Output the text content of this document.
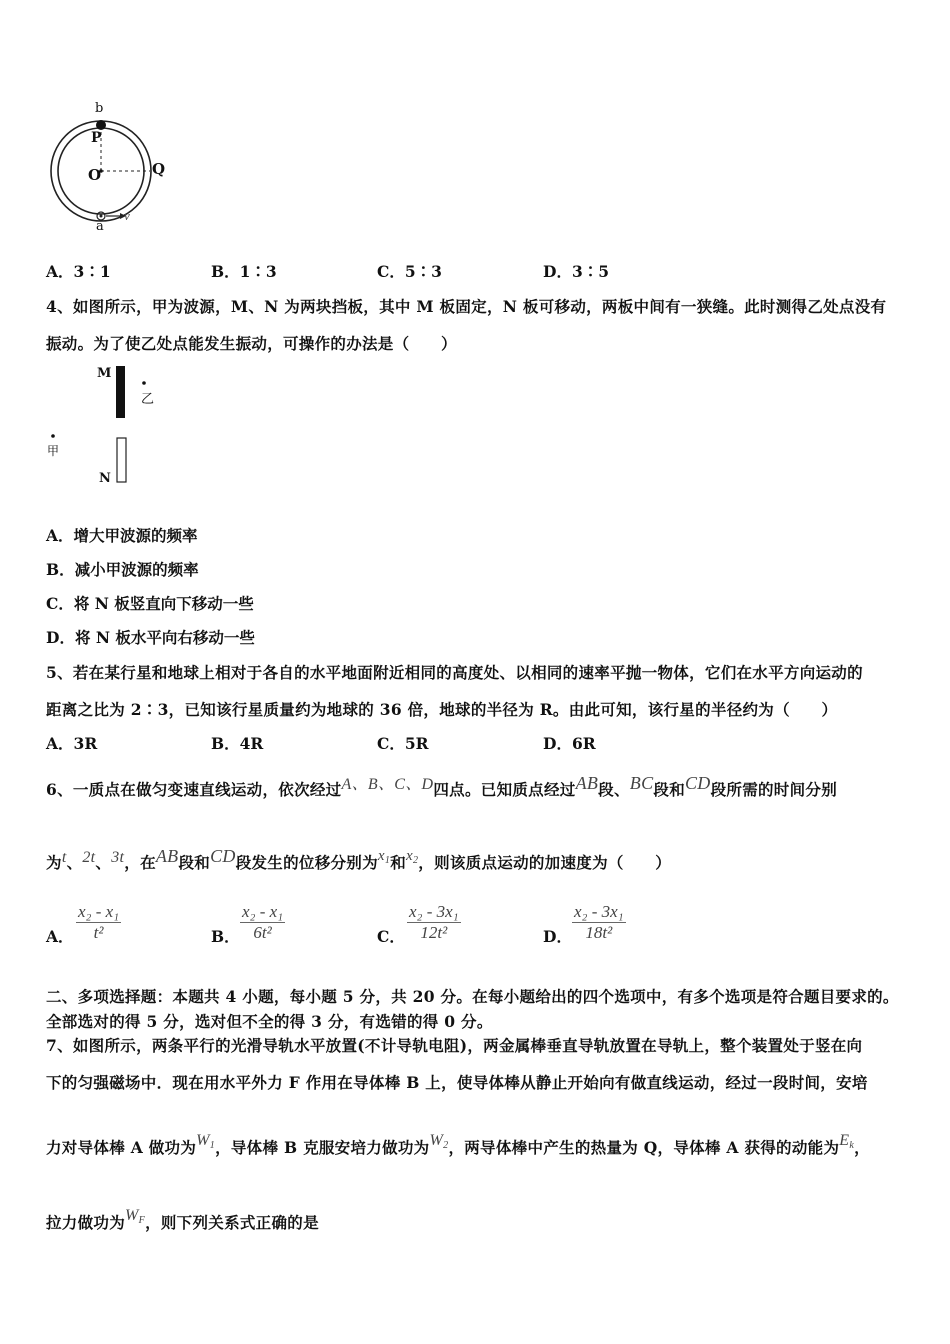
b
P
O	Q
a
v
A．3∶1	B．1∶3	C．5∶3	D．3∶5
4、如图所示，甲为波源，M、N 为两块挡板，其中 M 板固定，N 板可移动，两板中间有一狭缝。此时测得乙处点没有
振动。为了使乙处点能发生振动，可操作的办法是（　　）
M
乙
甲
N
A．增大甲波源的频率
B．减小甲波源的频率
C．将 N 板竖直向下移动一些
D．将 N 板水平向右移动一些
5、若在某行星和地球上相对于各自的水平地面附近相同的高度处、以相同的速率平抛一物体，它们在水平方向运动的
距离之比为 2∶3，已知该行星质量约为地球的 36 倍，地球的半径为 R。由此可知，该行星的半径约为（　　）
A．3R	B．4R	C．5R	D．6R
6、一质点在做匀变速直线运动，依次经过A、B、C、D四点。已知质点经过AB段、BC段和CD段所需的时间分别
为t、2t、3t，在AB段和CD段发生的位移分别为$x_1$和$x_2$，则该质点运动的加速度为（　　）
A． $\frac{\text{x₂ - x₁}}{\text{t²}}$	B． $\frac{\text{x₂ - x₁}}{\text{6t²}}$	C． $\frac{\text{x₂ - 3x₁}}{\text{12t²}}$	D． $\frac{\text{x₂ - 3x₁}}{\text{18t²}}$
二、多项选择题：本题共 4 小题，每小题 5 分，共 20 分。在每小题给出的四个选项中，有多个选项是符合题目要求的。
全部选对的得 5 分，选对但不全的得 3 分，有选错的得 0 分。
7、如图所示，两条平行的光滑导轨水平放置(不计导轨电阻)，两金属棒垂直导轨放置在导轨上，整个装置处于竖在向
下的匀强磁场中．现在用水平外力 F 作用在导体棒 B 上，使导体棒从静止开始向有做直线运动，经过一段时间，安培
力对导体棒 A 做功为$W_1$，导体棒 B 克服安培力做功为$W_2$，两导体棒中产生的热量为 Q，导体棒 A 获得的动能为$E_k$，
拉力做功为$W_F$，则下列关系式正确的是
